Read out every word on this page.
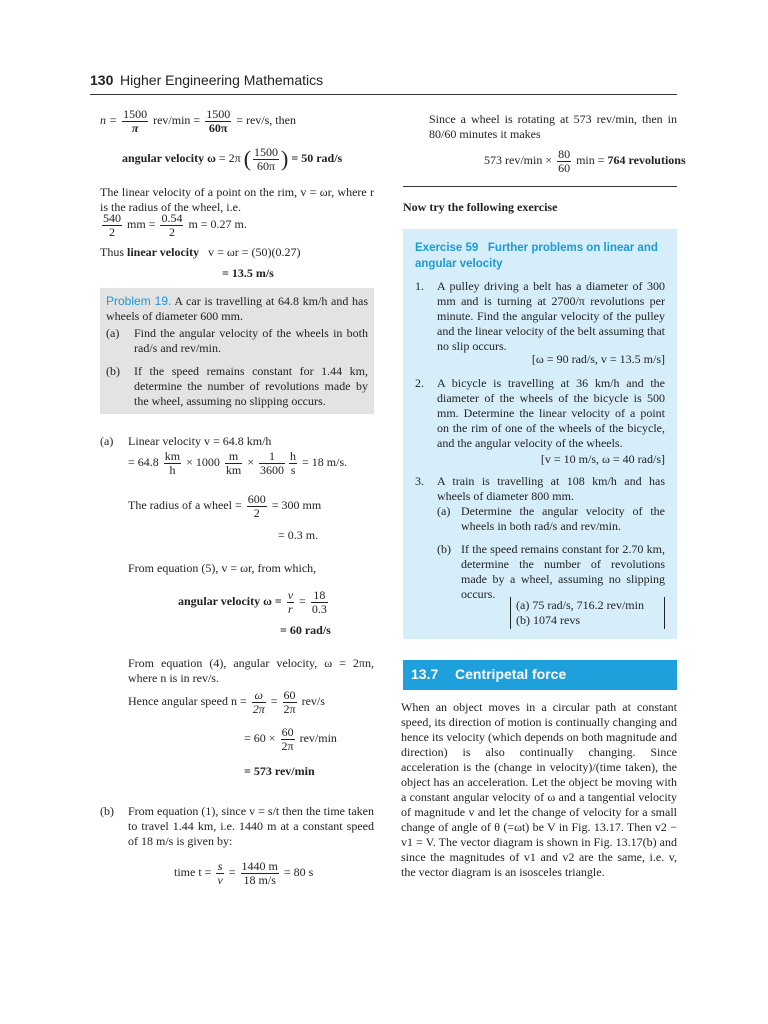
130 Higher Engineering Mathematics
$n = \frac{1500}{\pi} rev/\min = \frac{1500}{60\pi} = rev/s$, then
angular velocity ω = 2π ( $\frac{1500}{60\pi}$ ) = 50 rad/s
The linear velocity of a point on the rim, v = ωr, where r is the radius of the wheel, i.e.
$\frac{540}{2}$ mm = $\frac{0.54}{2}$ m = 0.27 m.
Thus linear velocity v = ωr = (50)(0.27)
= 13.5 m/s
Problem 19. A car is travelling at 64.8 km/h and has wheels of diameter 600 mm.
(a) Find the angular velocity of the wheels in both rad/s and rev/min.
(b) If the speed remains constant for 1.44 km, determine the number of revolutions made by the wheel, assuming no slipping occurs.
(a) Linear velocity v = 64.8 km/h
= $64.8 \frac{km}{h} \times 1000 \frac{m}{km} \times \frac{1}{3600} \frac{h}{s} = 18$ m/s.
The radius of a wheel = $\frac{600}{2} = 300$ mm
= 0.3 m.
From equation (5), v = ωr, from which,
angular velocity $\omega = \frac{v}{r} = \frac{18}{0.3}$
= 60 rad/s
From equation (4), angular velocity, ω = 2πn, where n is in rev/s.
Hence angular speed $n = \frac{\omega}{2\pi} = \frac{60}{2\pi} rev/s$
= $60 \times \frac{60}{2\pi} rev/\min$
= 573 rev/min
(b) From equation (1), since v = s/t then the time taken to travel 1.44 km, i.e. 1440 m at a constant speed of 18 m/s is given by:
time $t = \frac{s}{v} = \frac{1440 m}{18 m/s} = 80$ s
Since a wheel is rotating at 573 rev/min, then in 80/60 minutes it makes
573 $rev/\min \times \frac{80}{60}$ min = 764 revolutions
Now try the following exercise
Exercise 59 Further problems on linear and angular velocity
1. A pulley driving a belt has a diameter of 300 mm and is turning at 2700/π revolutions per minute. Find the angular velocity of the pulley and the linear velocity of the belt assuming that no slip occurs.
[ω = 90 rad/s, v = 13.5 m/s]
2. A bicycle is travelling at 36 km/h and the diameter of the wheels of the bicycle is 500 mm. Determine the linear velocity of a point on the rim of one of the wheels of the bicycle, and the angular velocity of the wheels.
[v = 10 m/s, ω = 40 rad/s]
3. A train is travelling at 108 km/h and has wheels of diameter 800 mm.
(a) Determine the angular velocity of the wheels in both rad/s and rev/min.
(b) If the speed remains constant for 2.70 km, determine the number of revolutions made by a wheel, assuming no slipping occurs.
(a) 75 rad/s, 716.2 rev/min
(b) 1074 revs
13.7 Centripetal force
When an object moves in a circular path at constant speed, its direction of motion is continually changing and hence its velocity (which depends on both magnitude and direction) is also continually changing. Since acceleration is the (change in velocity)/(time taken), the object has an acceleration. Let the object be moving with a constant angular velocity of ω and a tangential velocity of magnitude v and let the change of velocity for a small change of angle of θ (=ωt) be V in Fig. 13.17. Then v2 − v1 = V. The vector diagram is shown in Fig. 13.17(b) and since the magnitudes of v1 and v2 are the same, i.e. v, the vector diagram is an isosceles triangle.
